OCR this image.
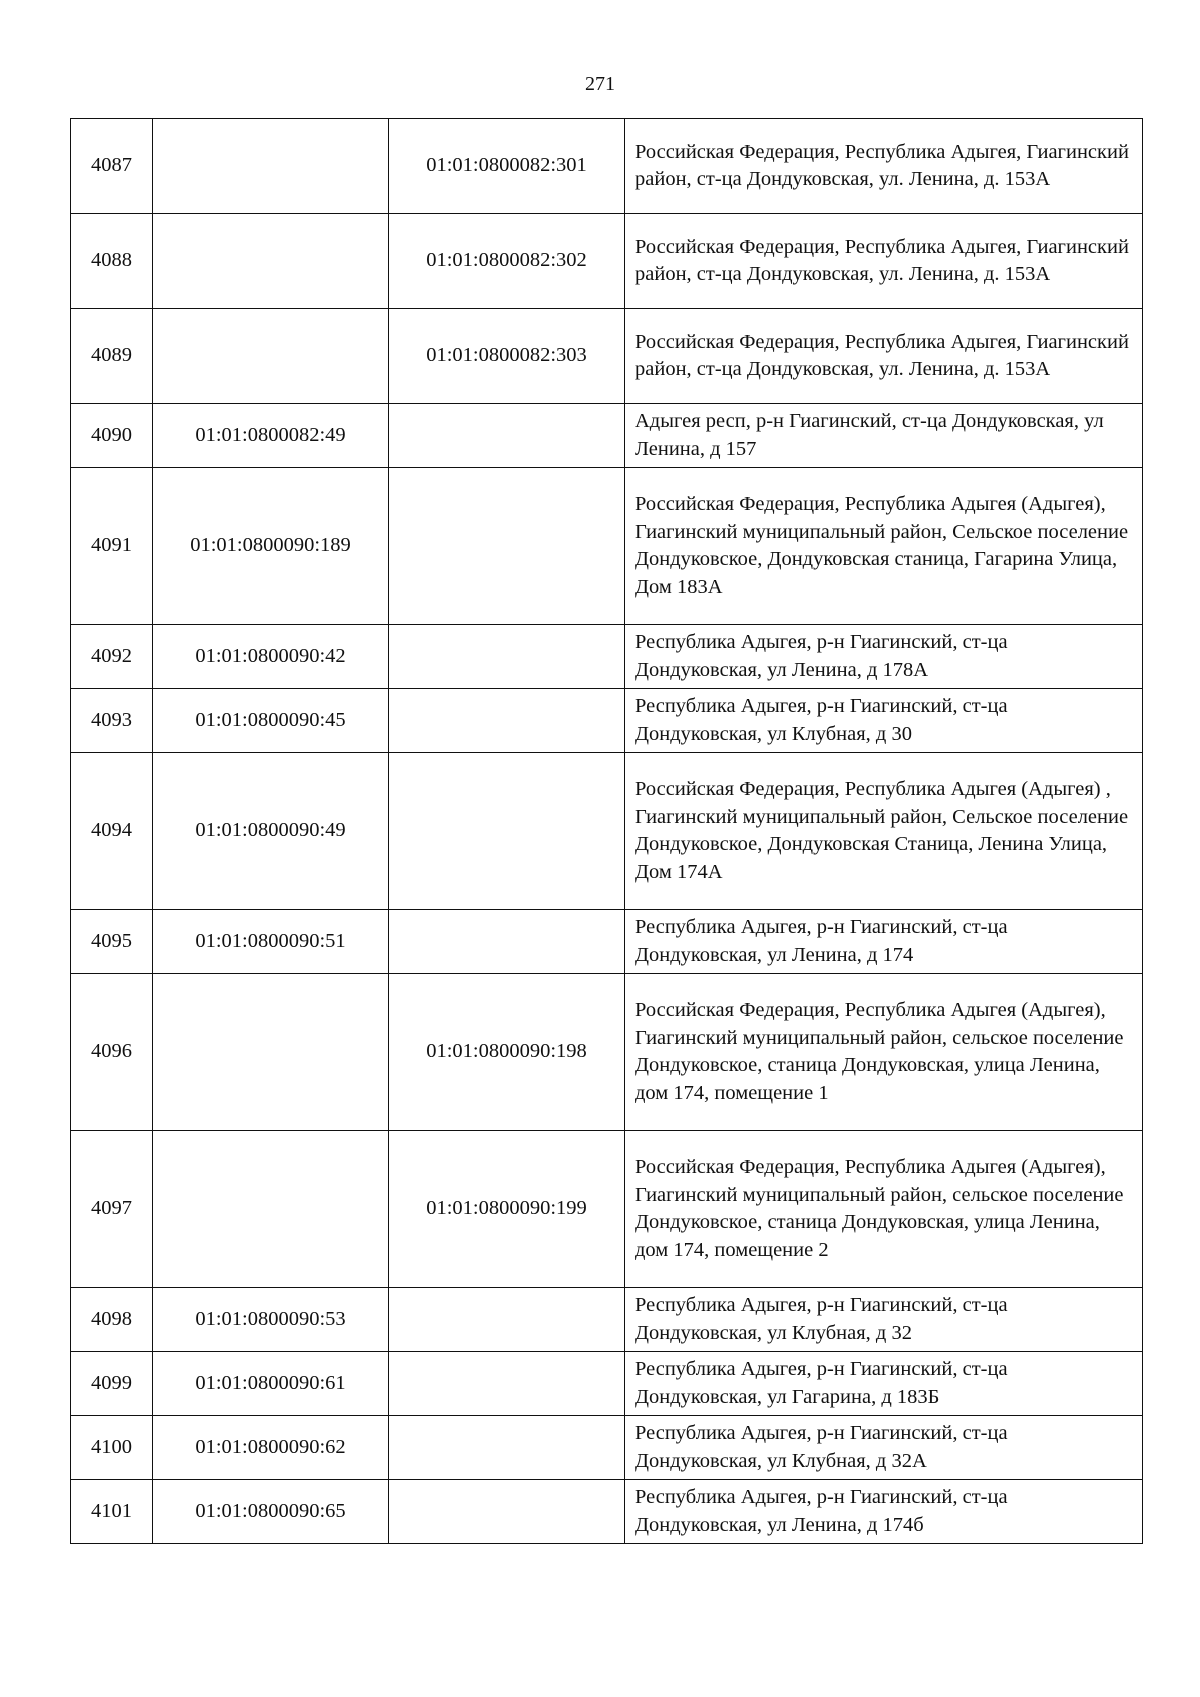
271
4087		01:01:0800082:301	Российская Федерация, Республика Адыгея, Гиагинский район, ст-ца Дондуковская, ул. Ленина, д. 153А
4088		01:01:0800082:302	Российская Федерация, Республика Адыгея, Гиагинский район, ст-ца Дондуковская, ул. Ленина, д. 153А
4089		01:01:0800082:303	Российская Федерация, Республика Адыгея, Гиагинский район, ст-ца Дондуковская, ул. Ленина, д. 153А
4090	01:01:0800082:49		Адыгея респ, р-н Гиагинский, ст-ца Дондуковская, ул Ленина, д 157
4091	01:01:0800090:189		Российская Федерация, Республика Адыгея (Адыгея), Гиагинский муниципальный район, Сельское поселение Дондуковское, Дондуковская станица, Гагарина Улица, Дом 183А
4092	01:01:0800090:42		Республика Адыгея, р-н Гиагинский, ст-ца Дондуковская, ул Ленина, д 178А
4093	01:01:0800090:45		Республика Адыгея, р-н Гиагинский, ст-ца Дондуковская, ул Клубная, д 30
4094	01:01:0800090:49		Российская Федерация, Республика Адыгея (Адыгея) , Гиагинский муниципальный район, Сельское поселение Дондуковское, Дондуковская Станица, Ленина Улица, Дом 174А
4095	01:01:0800090:51		Республика Адыгея, р-н Гиагинский, ст-ца Дондуковская, ул Ленина, д 174
4096		01:01:0800090:198	Российская Федерация, Республика Адыгея (Адыгея), Гиагинский муниципальный район, сельское поселение Дондуковское, станица Дондуковская, улица Ленина, дом 174, помещение 1
4097		01:01:0800090:199	Российская Федерация, Республика Адыгея (Адыгея), Гиагинский муниципальный район, сельское поселение Дондуковское, станица Дондуковская, улица Ленина, дом 174, помещение 2
4098	01:01:0800090:53		Республика Адыгея, р-н Гиагинский, ст-ца Дондуковская, ул Клубная, д 32
4099	01:01:0800090:61		Республика Адыгея, р-н Гиагинский, ст-ца Дондуковская, ул Гагарина, д 183Б
4100	01:01:0800090:62		Республика Адыгея, р-н Гиагинский, ст-ца Дондуковская, ул Клубная, д 32А
4101	01:01:0800090:65		Республика Адыгея, р-н Гиагинский, ст-ца Дондуковская, ул Ленина, д 174б
